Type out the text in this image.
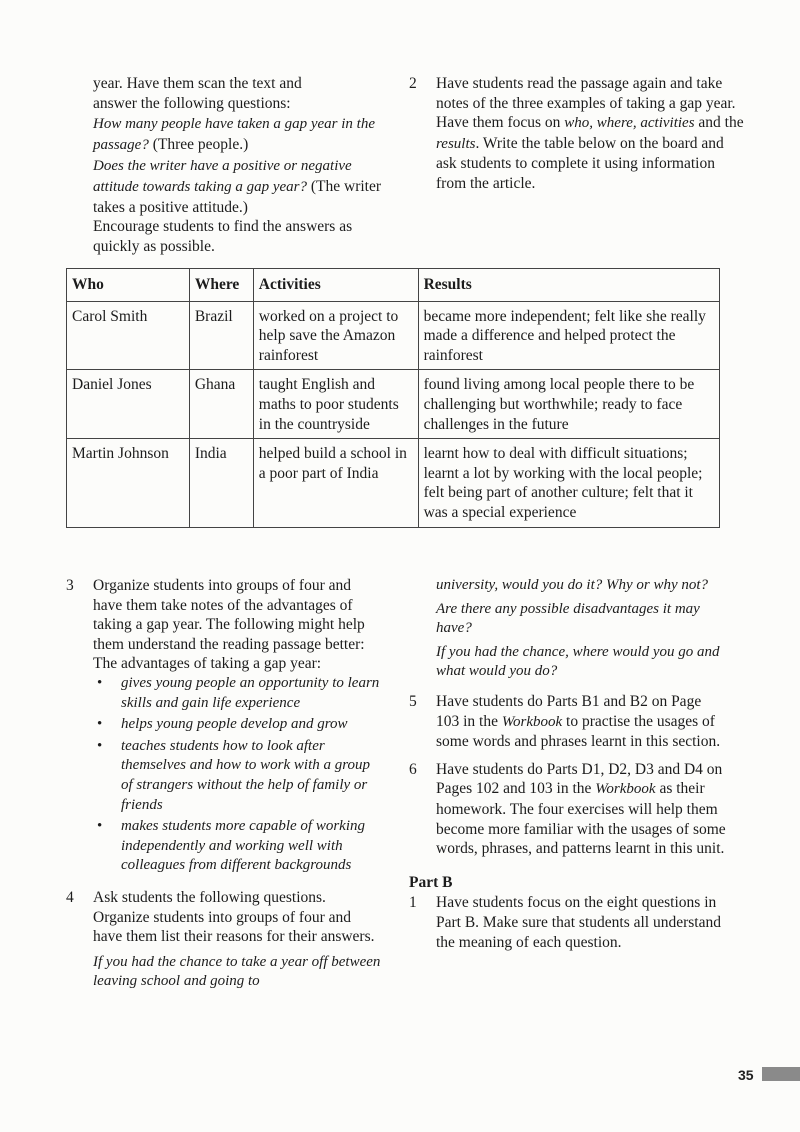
year. Have them scan the text and

answer the following questions:

How many people have taken a gap year in the passage? (Three people.)

Does the writer have a positive or negative attitude towards taking a gap year? (The writer takes a positive attitude.)

Encourage students to find the answers as quickly as possible.

2 Have students read the passage again and take notes of the three examples of taking a gap year. Have them focus on who, where, activities and the results. Write the table below on the board and ask students to complete it using information from the article.

Who	Where	Activities	Results
Carol Smith	Brazil	worked on a project to help save the Amazon rainforest	became more independent; felt like she really made a difference and helped protect the rainforest
Daniel Jones	Ghana	taught English and maths to poor students in the countryside	found living among local people there to be challenging but worthwhile; ready to face challenges in the future
Martin Johnson	India	helped build a school in a poor part of India	learnt how to deal with difficult situations; learnt a lot by working with the local people; felt being part of another culture; felt that it was a special experience
3 Organize students into groups of four and have them take notes of the advantages of taking a gap year. The following might help them understand the reading passage better:

The advantages of taking a gap year:

• gives young people an opportunity to learn skills and gain life experience
• helps young people develop and grow
• teaches students how to look after themselves and how to work with a group of strangers without the help of family or friends
• makes students more capable of working independently and working well with colleagues from different backgrounds
4 Ask students the following questions. Organize students into groups of four and have them list their reasons for their answers.

If you had the chance to take a year off between leaving school and going to

university, would you do it? Why or why not?

Are there any possible disadvantages it may have?

If you had the chance, where would you go and what would you do?

5 Have students do Parts B1 and B2 on Page 103 in the Workbook to practise the usages of some words and phrases learnt in this section.

6 Have students do Parts D1, D2, D3 and D4 on Pages 102 and 103 in the Workbook as their homework. The four exercises will help them become more familiar with the usages of some words, phrases, and patterns learnt in this unit.

Part B

1 Have students focus on the eight questions in Part B. Make sure that students all understand the meaning of each question.

35
